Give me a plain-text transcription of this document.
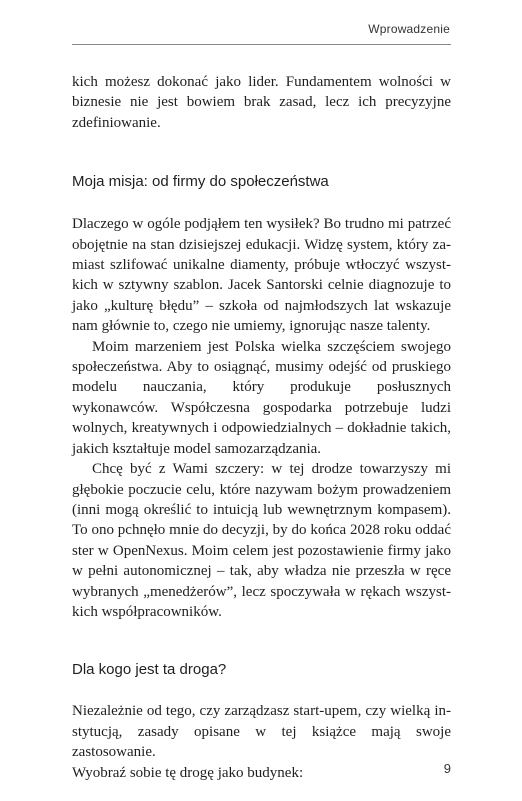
Wprowadzenie

kich możesz dokonać jako lider. Fundamentem wolności w biznesie nie jest bowiem brak zasad, lecz ich precyzyjne zdefiniowanie.

Moja misja: od firmy do społeczeństwa

Dlaczego w ogóle podjąłem ten wysiłek? Bo trudno mi patrzeć obojętnie na stan dzisiejszej edukacji. Widzę system, który zamiast szlifować unikalne diamenty, próbuje wtłoczyć wszystkich w sztywny szablon. Jacek Santorski celnie diagnozuje to jako „kulturę błędu” – szkoła od najmłodszych lat wskazuje nam głównie to, czego nie umiemy, ignorując nasze talenty.

Moim marzeniem jest Polska wielka szczęściem swojego społeczeństwa. Aby to osiągnąć, musimy odejść od pruskiego modelu nauczania, który produkuje posłusznych wykonawców. Współczesna gospodarka potrzebuje ludzi wolnych, kreatywnych i odpowiedzialnych – dokładnie takich, jakich kształtuje model samozarządzania.

Chcę być z Wami szczery: w tej drodze towarzyszy mi głębokie poczucie celu, które nazywam bożym prowadzeniem (inni mogą określić to intuicją lub wewnętrznym kompasem). To ono pchnęło mnie do decyzji, by do końca 2028 roku oddać ster w OpenNexus. Moim celem jest pozostawienie firmy jako w pełni autonomicznej – tak, aby władza nie przeszła w ręce wybranych „menedżerów”, lecz spoczywała w rękach wszystkich współpracowników.

Dla kogo jest ta droga?

Niezależnie od tego, czy zarządzasz start-upem, czy wielką instytucją, zasady opisane w tej książce mają swoje zastosowanie.

Wyobraź sobie tę drogę jako budynek:	9
